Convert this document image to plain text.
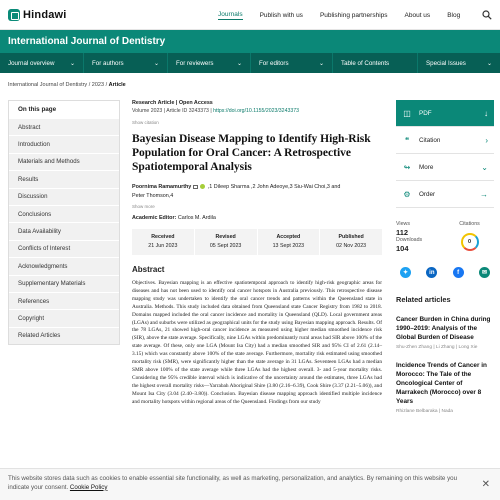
Hindawi	Journals	Publish with us	Publishing partnerships	About us	Blog
International Journal of Dentistry
Journal overview	⌄	For authors	⌄	For reviewers	⌄	For editors	⌄	Table of Contents	Special Issues	⌄
International Journal of Dentistry / 2023 / Article
On this page
Abstract
Introduction
Materials and Methods
Results
Discussion
Conclusions
Data Availability
Conflicts of Interest
Acknowledgments
Supplementary Materials
References
Copyright
Related Articles
Research Article | Open Access
Volume 2023 | Article ID 3243373 | https://doi.org/10.1155/2023/3243373
Show citation
Bayesian Disease Mapping to Identify High-Risk Population for Oral Cancer: A Retrospective Spatiotemporal Analysis
Poornima Ramamurthy	,1 Dileep Sharma ,2 John Adeoye,3 Siu-Wai Choi,3 and
Peter Thomson,4
Show more
Academic Editor: Carlos M. Ardila
Received
21 Jun 2023
Revised
05 Sept 2023
Accepted
13 Sept 2023
Published
02 Nov 2023
Abstract

Objectives. Bayesian mapping is an effective spatiotemporal approach to identify high-risk geographic areas for diseases and has not been used to identify oral cancer hotspots in Australia previously. This retrospective disease mapping study was undertaken to identify the oral cancer trends and patterns within the Queensland state in Australia. Methods. This study included data obtained from Queensland state Cancer Registry from 1982 to 2018. Domains mapped included the oral cancer incidence and mortality in Queensland (QLD). Local government areas (LGAs) and suburbs were utilized as geographical units for the study using Bayesian mapping approach. Results. Of the 78 LGAs, 21 showed high-oral cancer incidence as measured using higher median smoothed incidence risk (SIR), above the state average. Specifically, nine LGAs within predominantly rural areas had SIR above 100% of the state average. Of these, only one LGA (Mount Isa City) had a median smoothed SIR and 95% CI of 2.61 (2.14–3.15) which was constantly above 100% of the state average. Furthermore, mortality risk estimated using smoothed mortality risk (SMR), were significantly higher than the state average in 31 LGAs. Seventeen LGAs had a median SMR above 100% of the state average while three LGAs had the highest overall. 3- and 5-year mortality risks. Considering the 95% credible interval which is indicative of the uncertainty around the estimates, three LGAs had the highest overall mortality risks—Yarrabah Aboriginal Shire (3.80 (2.16–6.39), Cook Shire (3.37 (2.21–5.06)), and Mount Isa City (3.04 (2.40–3.80)). Conclusion. Bayesian disease mapping approach identified multiple incidence and mortality hotspots within regional areas of the Queensland. Findings from our study

◫ PDF	↓
❝	Citation	›
↬ More	⌄
⚙ Order	→
Views
112
Downloads
104
Citations
0
✦	in	f	✉
Related articles
Cancer Burden in China during 1990–2019: Analysis of the Global Burden of Disease
Shu-Zhen Zhang | Li Zhang | Long Xie
Incidence Trends of Cancer in Morocco: The Tale of the Oncological Center of Marrakech (Morocco) over 8 Years
Rhizlane Belbaraka | Nada
This website stores data such as cookies to enable essential site functionality, as well as marketing, personalization, and analytics. By remaining on this website you indicate your consent. Cookie Policy	✕
